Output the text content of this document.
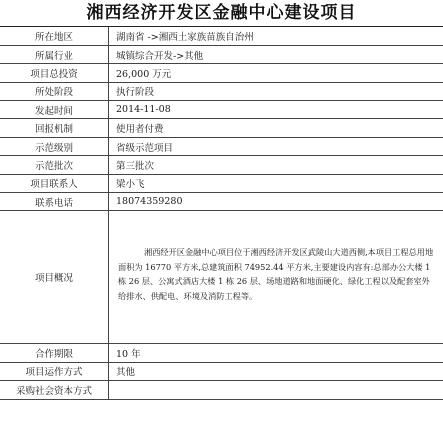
湘西经济开发区金融中心建设项目
所在地区	湖南省 ->湘西土家族苗族自治州
所属行业	城镇综合开发->其他
项目总投资	26,000 万元
所处阶段	执行阶段
发起时间	2014-11-08
回报机制	使用者付费
示范级别	省级示范项目
示范批次	第三批次
项目联系人	梁小飞
联系电话	18074359280
项目概况	湘西经开区金融中心项目位于湘西经济开发区武陵山大道西侧,本项目工程总用地面积为 16770 平方米,总建筑面积 74952.44 平方米,主要建设内容有:总部办公大楼 1 栋 26 层、公寓式酒店大楼 1 栋 26 层、场地道路和地面硬化、绿化工程以及配套室外给排水、供配电、环境及消防工程等。

合作期限	10 年
项目运作方式	其他
采购社会资本方式	
